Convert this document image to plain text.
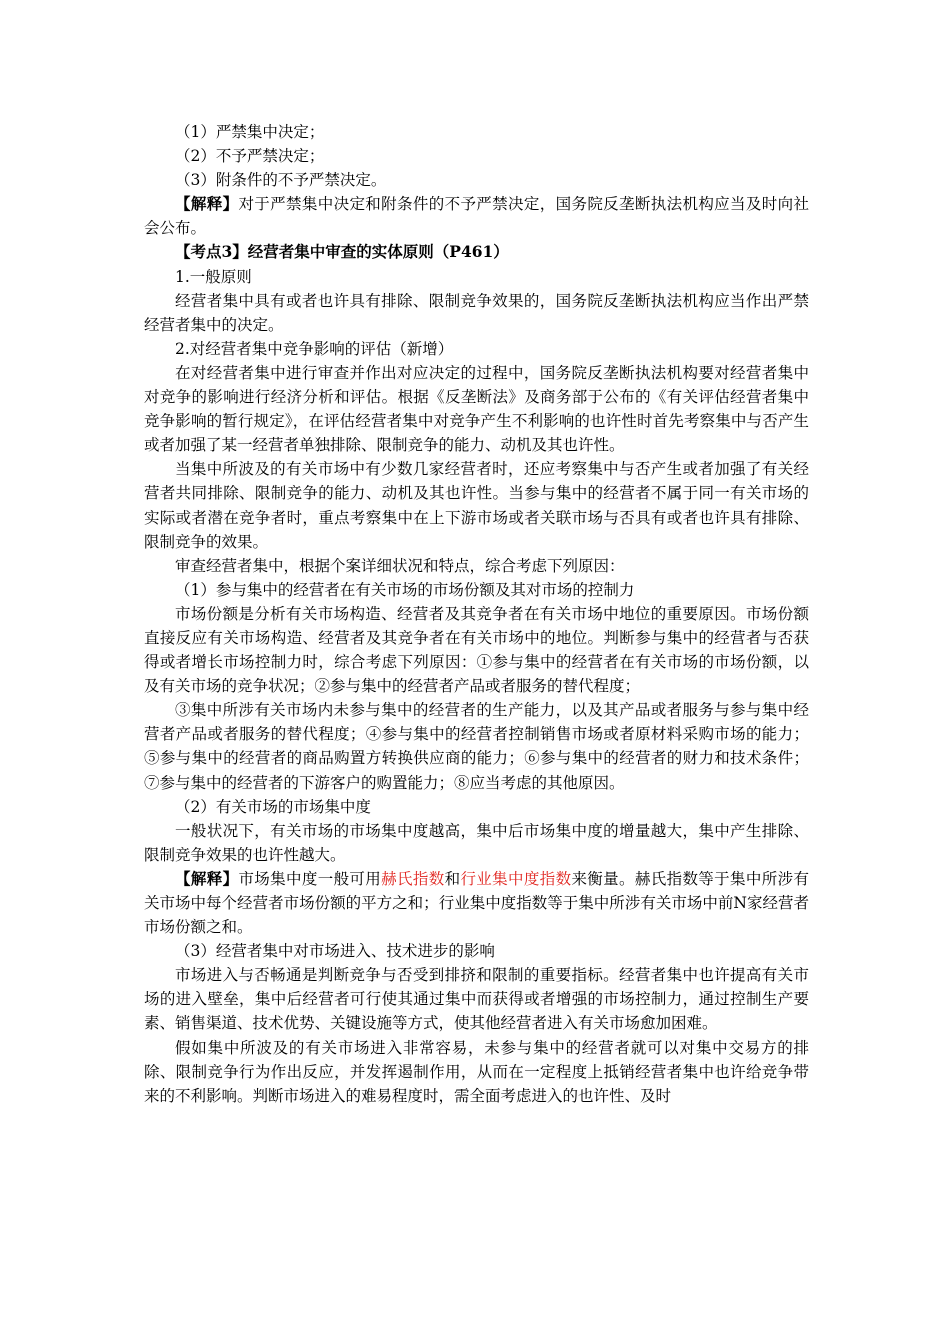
（1）严禁集中决定；

（2）不予严禁决定；

（3）附条件的不予严禁决定。

【解释】对于严禁集中决定和附条件的不予严禁决定，国务院反垄断执法机构应当及时向社会公布。

【考点3】经营者集中审查的实体原则（P461）

1.一般原则

经营者集中具有或者也许具有排除、限制竞争效果的，国务院反垄断执法机构应当作出严禁经营者集中的决定。

2.对经营者集中竞争影响的评估（新增）

在对经营者集中进行审查并作出对应决定的过程中，国务院反垄断执法机构要对经营者集中对竞争的影响进行经济分析和评估。根据《反垄断法》及商务部于公布的《有关评估经营者集中竞争影响的暂行规定》，在评估经营者集中对竞争产生不利影响的也许性时首先考察集中与否产生或者加强了某一经营者单独排除、限制竞争的能力、动机及其也许性。

当集中所波及的有关市场中有少数几家经营者时，还应考察集中与否产生或者加强了有关经营者共同排除、限制竞争的能力、动机及其也许性。当参与集中的经营者不属于同一有关市场的实际或者潜在竞争者时，重点考察集中在上下游市场或者关联市场与否具有或者也许具有排除、限制竞争的效果。

审查经营者集中，根据个案详细状况和特点，综合考虑下列原因：

（1）参与集中的经营者在有关市场的市场份额及其对市场的控制力

市场份额是分析有关市场构造、经营者及其竞争者在有关市场中地位的重要原因。市场份额直接反应有关市场构造、经营者及其竞争者在有关市场中的地位。判断参与集中的经营者与否获得或者增长市场控制力时，综合考虑下列原因：①参与集中的经营者在有关市场的市场份额，以及有关市场的竞争状况；②参与集中的经营者产品或者服务的替代程度；

③集中所涉有关市场内未参与集中的经营者的生产能力，以及其产品或者服务与参与集中经营者产品或者服务的替代程度；④参与集中的经营者控制销售市场或者原材料采购市场的能力；⑤参与集中的经营者的商品购置方转换供应商的能力；⑥参与集中的经营者的财力和技术条件；⑦参与集中的经营者的下游客户的购置能力；⑧应当考虑的其他原因。

（2）有关市场的市场集中度

一般状况下，有关市场的市场集中度越高，集中后市场集中度的增量越大，集中产生排除、限制竞争效果的也许性越大。

【解释】市场集中度一般可用赫氏指数和行业集中度指数来衡量。赫氏指数等于集中所涉有关市场中每个经营者市场份额的平方之和；行业集中度指数等于集中所涉有关市场中前N家经营者市场份额之和。

（3）经营者集中对市场进入、技术进步的影响

市场进入与否畅通是判断竞争与否受到排挤和限制的重要指标。经营者集中也许提高有关市场的进入壁垒，集中后经营者可行使其通过集中而获得或者增强的市场控制力，通过控制生产要素、销售渠道、技术优势、关键设施等方式，使其他经营者进入有关市场愈加困难。

假如集中所波及的有关市场进入非常容易，未参与集中的经营者就可以对集中交易方的排除、限制竞争行为作出反应，并发挥遏制作用，从而在一定程度上抵销经营者集中也许给竞争带来的不利影响。判断市场进入的难易程度时，需全面考虑进入的也许性、及时
